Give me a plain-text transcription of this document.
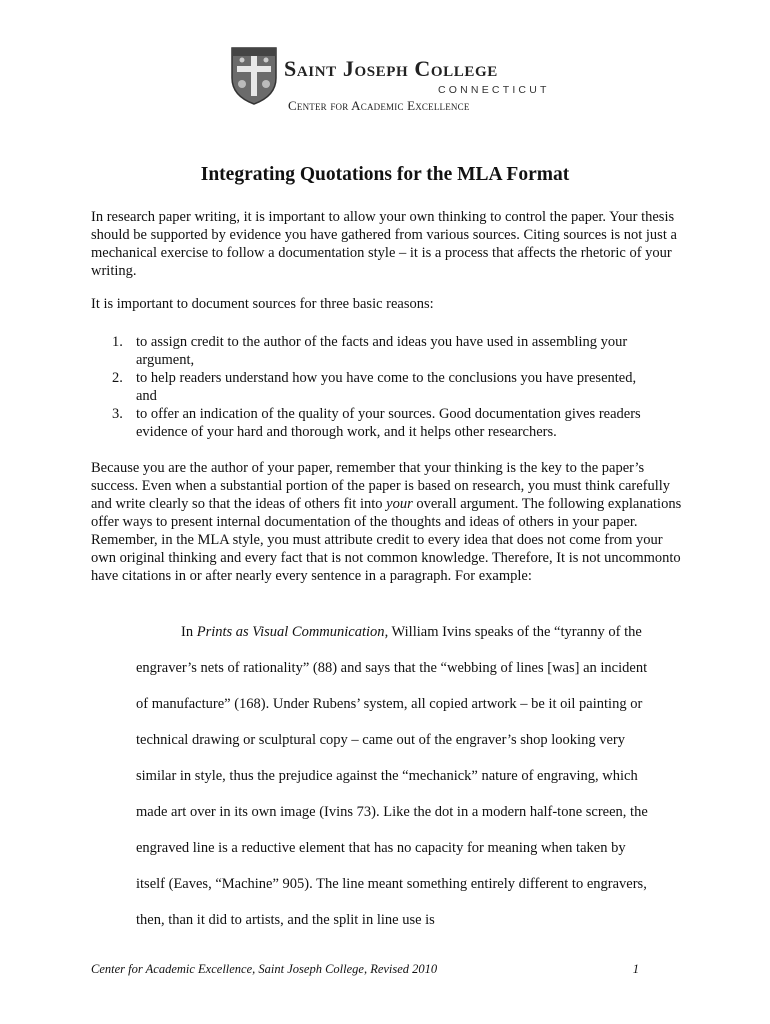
Saint Joseph College
CONNECTICUT
Center for Academic Excellence
Integrating Quotations for the MLA Format
In research paper writing, it is important to allow your own thinking to control the paper. Your thesis should be supported by evidence you have gathered from various sources. Citing sources is not just a mechanical exercise to follow a documentation style – it is a process that affects the rhetoric of your writing.
It is important to document sources for three basic reasons:
1. to assign credit to the author of the facts and ideas you have used in assembling your argument,
2. to help readers understand how you have come to the conclusions you have presented, and
3. to offer an indication of the quality of your sources. Good documentation gives readers evidence of your hard and thorough work, and it helps other researchers.
Because you are the author of your paper, remember that your thinking is the key to the paper’s success. Even when a substantial portion of the paper is based on research, you must think carefully and write clearly so that the ideas of others fit into your overall argument. The following explanations offer ways to present internal documentation of the thoughts and ideas of others in your paper. Remember, in the MLA style, you must attribute credit to every idea that does not come from your own original thinking and every fact that is not common knowledge. Therefore, It is not uncommonto have citations in or after nearly every sentence in a paragraph. For example:
In Prints as Visual Communication, William Ivins speaks of the “tyranny of the engraver’s nets of rationality” (88) and says that the “webbing of lines [was] an incident of manufacture” (168). Under Rubens’ system, all copied artwork – be it oil painting or technical drawing or sculptural copy – came out of the engraver’s shop looking very similar in style, thus the prejudice against the “mechanick” nature of engraving, which made art over in its own image (Ivins 73). Like the dot in a modern half-tone screen, the engraved line is a reductive element that has no capacity for meaning when taken by itself (Eaves, “Machine” 905). The line meant something entirely different to engravers, then, than it did to artists, and the split in line use is
Center for Academic Excellence, Saint Joseph College, Revised 2010	1
